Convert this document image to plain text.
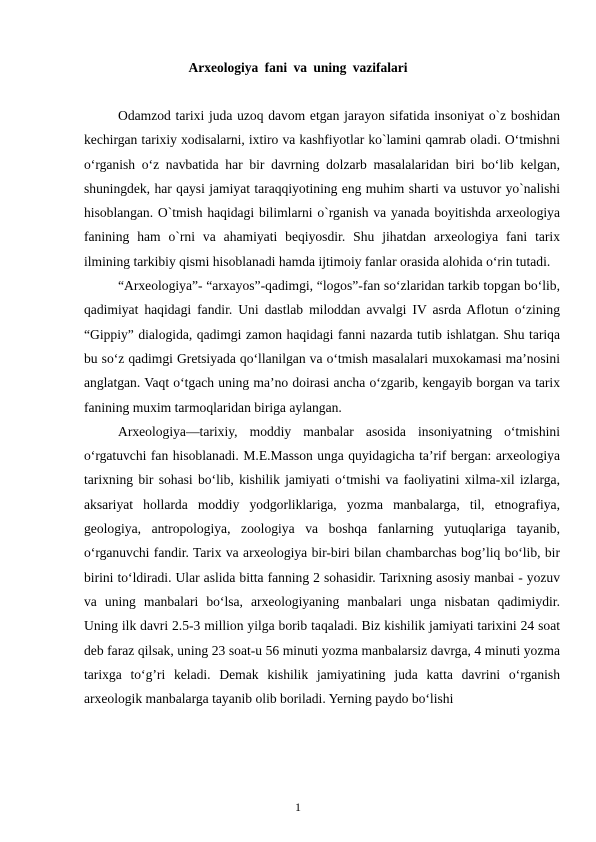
Arxeologiya fani va uning vazifalari

Odamzod tarixi juda uzoq davom etgan jarayon sifatida insoniyat o`z boshidan kechirgan tarixiy xodisalarni, ixtiro va kashfiyotlar ko`lamini qamrab oladi. O‘tmishni o‘rganish o‘z navbatida har bir davrning dolzarb masalalaridan biri bo‘lib kelgan, shuningdek, har qaysi jamiyat taraqqiyotining eng muhim sharti va ustuvor yo`nalishi hisoblangan. O`tmish haqidagi bilimlarni o`rganish va yanada boyitishda arxeologiya fanining ham o`rni va ahamiyati beqiyosdir. Shu jihatdan arxeologiya fani tarix ilmining tarkibiy qismi hisoblanadi hamda ijtimoiy fanlar orasida alohida o‘rin tutadi.

“Arxeologiya”- “arxayos”-qadimgi, “logos”-fan so‘zlaridan tarkib topgan bo‘lib, qadimiyat haqidagi fandir. Uni dastlab miloddan avvalgi IV asrda Aflotun o‘zining “Gippiy” dialogida, qadimgi zamon haqidagi fanni nazarda tutib ishlatgan. Shu tariqa bu so‘z qadimgi Gretsiyada qo‘llanilgan va o‘tmish masalalari muxokamasi ma’nosini anglatgan. Vaqt o‘tgach uning ma’no doirasi ancha o‘zgarib, kengayib borgan va tarix fanining muxim tarmoqlaridan biriga aylangan.

Arxeologiya—tarixiy, moddiy manbalar asosida insoniyatning o‘tmishini o‘rgatuvchi fan hisoblanadi. M.E.Masson unga quyidagicha ta’rif bergan: arxeologiya tarixning bir sohasi bo‘lib, kishilik jamiyati o‘tmishi va faoliyatini xilma-xil izlarga, aksariyat hollarda moddiy yodgorliklariga, yozma manbalarga, til, etnografiya, geologiya, antropologiya, zoologiya va boshqa fanlarning yutuqlariga tayanib, o‘rganuvchi fandir. Tarix va arxeologiya bir-biri bilan chambarchas bog’liq bo‘lib, bir birini to‘ldiradi. Ular aslida bitta fanning 2 sohasidir. Tarixning asosiy manbai - yozuv va uning manbalari bo‘lsa, arxeologiyaning manbalari unga nisbatan qadimiydir. Uning ilk davri 2.5-3 million yilga borib taqaladi. Biz kishilik jamiyati tarixini 24 soat deb faraz qilsak, uning 23 soat-u 56 minuti yozma manbalarsiz davrga, 4 minuti yozma tarixga to‘g’ri keladi. Demak kishilik jamiyatining juda katta davrini o‘rganish arxeologik manbalarga tayanib olib boriladi. Yerning paydo bo‘lishi

1
